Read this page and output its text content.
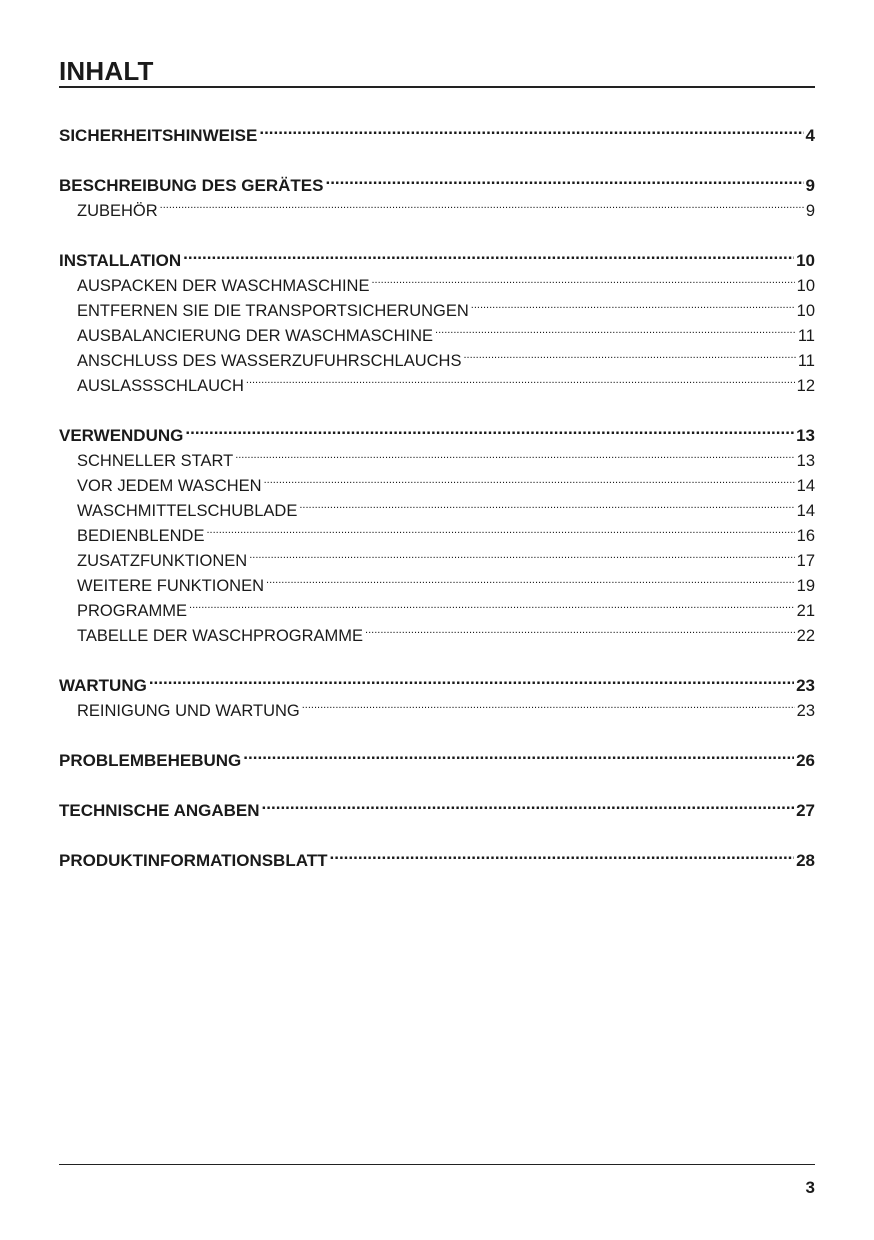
INHALT
SICHERHEITSHINWEISE .....	4
BESCHREIBUNG DES GERÄTES .....	9
ZUBEHÖR .....	9
INSTALLATION .....	10
AUSPACKEN DER WASCHMASCHINE .....	10
ENTFERNEN SIE DIE TRANSPORTSICHERUNGEN .....	10
AUSBALANCIERUNG DER WASCHMASCHINE .....	11
ANSCHLUSS DES WASSERZUFUHRSCHLAUCHS .....	11
AUSLASSSCHLAUCH .....	12
VERWENDUNG .....	13
SCHNELLER START .....	13
VOR JEDEM WASCHEN .....	14
WASCHMITTELSCHUBLADE .....	14
BEDIENBLENDE .....	16
ZUSATZFUNKTIONEN .....	17
WEITERE FUNKTIONEN .....	19
PROGRAMME .....	21
TABELLE DER WASCHPROGRAMME .....	22
WARTUNG .....	23
REINIGUNG UND WARTUNG .....	23
PROBLEMBEHEBUNG .....	26
TECHNISCHE ANGABEN .....	27
PRODUKTINFORMATIONSBLATT .....	28
3
